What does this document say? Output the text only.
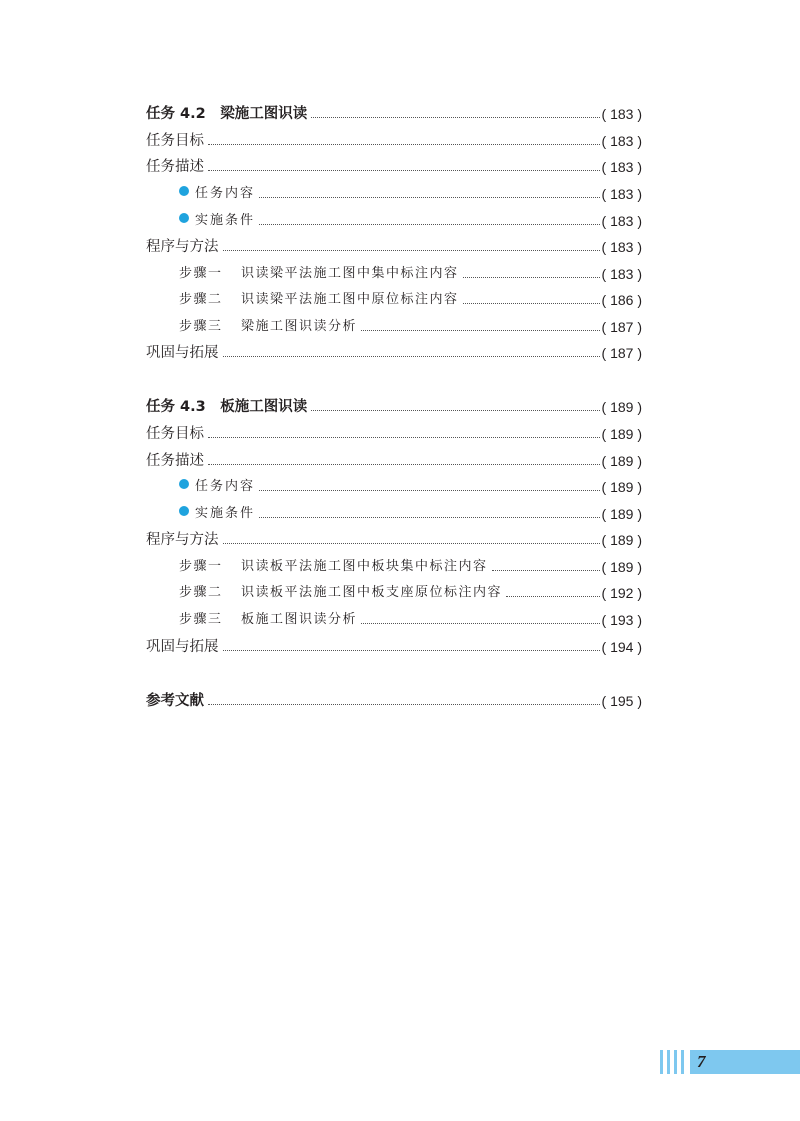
任务 4.2　梁施工图识读	( 183 )
任务目标	( 183 )
任务描述	( 183 )
任务内容	( 183 )
实施条件	( 183 )
程序与方法	( 183 )
步骤一 识读梁平法施工图中集中标注内容	( 183 )
步骤二 识读梁平法施工图中原位标注内容	( 186 )
步骤三 梁施工图识读分析	( 187 )
巩固与拓展	( 187 )
任务 4.3　板施工图识读	( 189 )
任务目标	( 189 )
任务描述	( 189 )
任务内容	( 189 )
实施条件	( 189 )
程序与方法	( 189 )
步骤一 识读板平法施工图中板块集中标注内容	( 189 )
步骤二 识读板平法施工图中板支座原位标注内容	( 192 )
步骤三 板施工图识读分析	( 193 )
巩固与拓展	( 194 )
参考文献	( 195 )
7
